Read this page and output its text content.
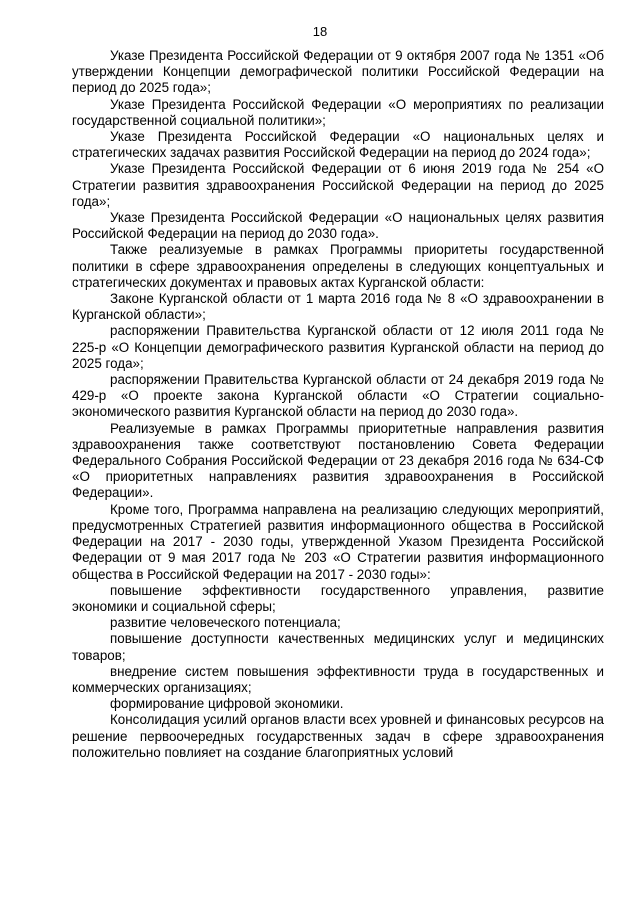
18

Указе Президента Российской Федерации от 9 октября 2007 года № 1351 «Об утверждении Концепции демографической политики Российской Федерации на период до 2025 года»;

Указе Президента Российской Федерации «О мероприятиях по реализации государственной социальной политики»;

Указе Президента Российской Федерации «О национальных целях и стратегических задачах развития Российской Федерации на период до 2024 года»;

Указе Президента Российской Федерации от 6 июня 2019 года № 254 «О Стратегии развития здравоохранения Российской Федерации на период до 2025 года»;

Указе Президента Российской Федерации «О национальных целях развития Российской Федерации на период до 2030 года».

Также реализуемые в рамках Программы приоритеты государственной политики в сфере здравоохранения определены в следующих концептуальных и стратегических документах и правовых актах Курганской области:

Законе Курганской области от 1 марта 2016 года № 8 «О здравоохранении в Курганской области»;

распоряжении Правительства Курганской области от 12 июля 2011 года № 225-р «О Концепции демографического развития Курганской области на период до 2025 года»;

распоряжении Правительства Курганской области от 24 декабря 2019 года № 429-р «О проекте закона Курганской области «О Стратегии социально-экономического развития Курганской области на период до 2030 года».

Реализуемые в рамках Программы приоритетные направления развития здравоохранения также соответствуют постановлению Совета Федерации Федерального Собрания Российской Федерации от 23 декабря 2016 года № 634-СФ «О приоритетных направлениях развития здравоохранения в Российской Федерации».

Кроме того, Программа направлена на реализацию следующих мероприятий, предусмотренных Стратегией развития информационного общества в Российской Федерации на 2017 - 2030 годы, утвержденной Указом Президента Российской Федерации от 9 мая 2017 года № 203 «О Стратегии развития информационного общества в Российской Федерации на 2017 - 2030 годы»:

повышение эффективности государственного управления, развитие экономики и социальной сферы;

развитие человеческого потенциала;

повышение доступности качественных медицинских услуг и медицинских товаров;

внедрение систем повышения эффективности труда в государственных и коммерческих организациях;

формирование цифровой экономики.

Консолидация усилий органов власти всех уровней и финансовых ресурсов на решение первоочередных государственных задач в сфере здравоохранения положительно повлияет на создание благоприятных условий
